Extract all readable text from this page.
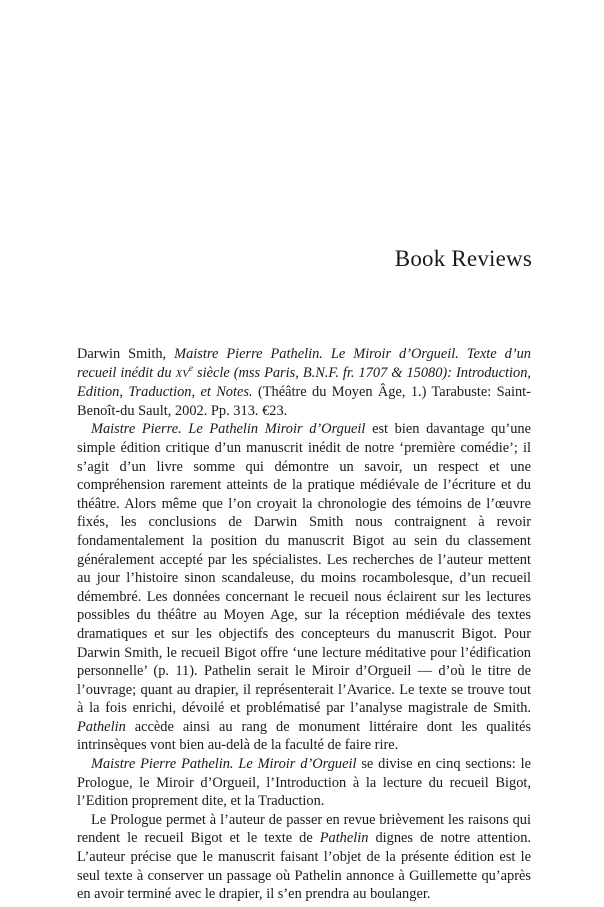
Book Reviews

Darwin Smith, Maistre Pierre Pathelin. Le Miroir d’Orgueil. Texte d’un recueil inédit du XVe siècle (mss Paris, B.N.F. fr. 1707 & 15080): Introduction, Edition, Traduction, et Notes. (Théâtre du Moyen Âge, 1.) Tarabuste: Saint-Benoît-du Sault, 2002. Pp. 313. €23.

Maistre Pierre. Le Pathelin Miroir d’Orgueil est bien davantage qu’une simple édition critique d’un manuscrit inédit de notre ‘première comédie’; il s’agit d’un livre somme qui démontre un savoir, un respect et une compréhension rarement atteints de la pratique médiévale de l’écriture et du théâtre. Alors même que l’on croyait la chronologie des témoins de l’œuvre fixés, les conclusions de Darwin Smith nous contraignent à revoir fondamentalement la position du manuscrit Bigot au sein du classement généralement accepté par les spécialistes. Les recherches de l’auteur mettent au jour l’histoire sinon scandaleuse, du moins rocambolesque, d’un recueil démembré. Les données concernant le recueil nous éclairent sur les lectures possibles du théâtre au Moyen Age, sur la réception médiévale des textes dramatiques et sur les objectifs des concepteurs du manuscrit Bigot. Pour Darwin Smith, le recueil Bigot offre ‘une lecture méditative pour l’édification personnelle’ (p. 11). Pathelin serait le Miroir d’Orgueil — d’où le titre de l’ouvrage; quant au drapier, il représenterait l’Avarice. Le texte se trouve tout à la fois enrichi, dévoilé et problématisé par l’analyse magistrale de Smith. Pathelin accède ainsi au rang de monument littéraire dont les qualités intrinsèques vont bien au-delà de la faculté de faire rire.

Maistre Pierre Pathelin. Le Miroir d’Orgueil se divise en cinq sections: le Prologue, le Miroir d’Orgueil, l’Introduction à la lecture du recueil Bigot, l’Edition proprement dite, et la Traduction.

Le Prologue permet à l’auteur de passer en revue brièvement les raisons qui rendent le recueil Bigot et le texte de Pathelin dignes de notre attention. L’auteur précise que le manuscrit faisant l’objet de la présente édition est le seul texte à conserver un passage où Pathelin annonce à Guillemette qu’après en avoir terminé avec le drapier, il s’en prendra au boulanger.
